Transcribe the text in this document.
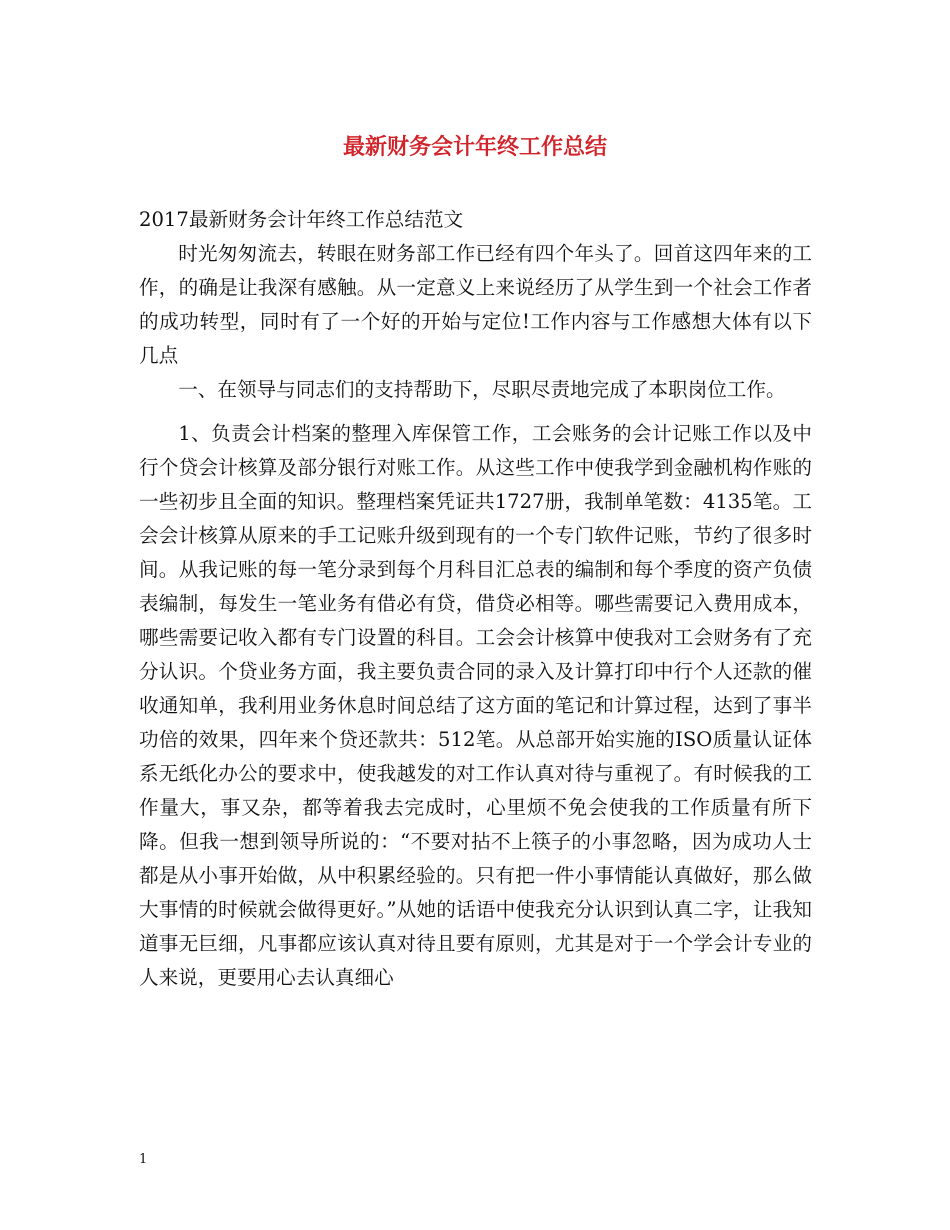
最新财务会计年终工作总结

2017最新财务会计年终工作总结范文

时光匆匆流去，转眼在财务部工作已经有四个年头了。回首这四年来的工作，的确是让我深有感触。从一定意义上来说经历了从学生到一个社会工作者的成功转型，同时有了一个好的开始与定位!工作内容与工作感想大体有以下几点

一、在领导与同志们的支持帮助下，尽职尽责地完成了本职岗位工作。

1、负责会计档案的整理入库保管工作，工会账务的会计记账工作以及中行个贷会计核算及部分银行对账工作。从这些工作中使我学到金融机构作账的一些初步且全面的知识。整理档案凭证共1727册，我制单笔数：4135笔。工会会计核算从原来的手工记账升级到现有的一个专门软件记账，节约了很多时间。从我记账的每一笔分录到每个月科目汇总表的编制和每个季度的资产负债表编制，每发生一笔业务有借必有贷，借贷必相等。哪些需要记入费用成本，哪些需要记收入都有专门设置的科目。工会会计核算中使我对工会财务有了充分认识。个贷业务方面，我主要负责合同的录入及计算打印中行个人还款的催收通知单，我利用业务休息时间总结了这方面的笔记和计算过程，达到了事半功倍的效果，四年来个贷还款共：512笔。从总部开始实施的ISO质量认证体系无纸化办公的要求中，使我越发的对工作认真对待与重视了。有时候我的工作量大，事又杂，都等着我去完成时，心里烦不免会使我的工作质量有所下降。但我一想到领导所说的：“不要对拈不上筷子的小事忽略，因为成功人士都是从小事开始做，从中积累经验的。只有把一件小事情能认真做好，那么做大事情的时候就会做得更好。”从她的话语中使我充分认识到认真二字，让我知道事无巨细，凡事都应该认真对待且要有原则，尤其是对于一个学会计专业的人来说，更要用心去认真细心

1
